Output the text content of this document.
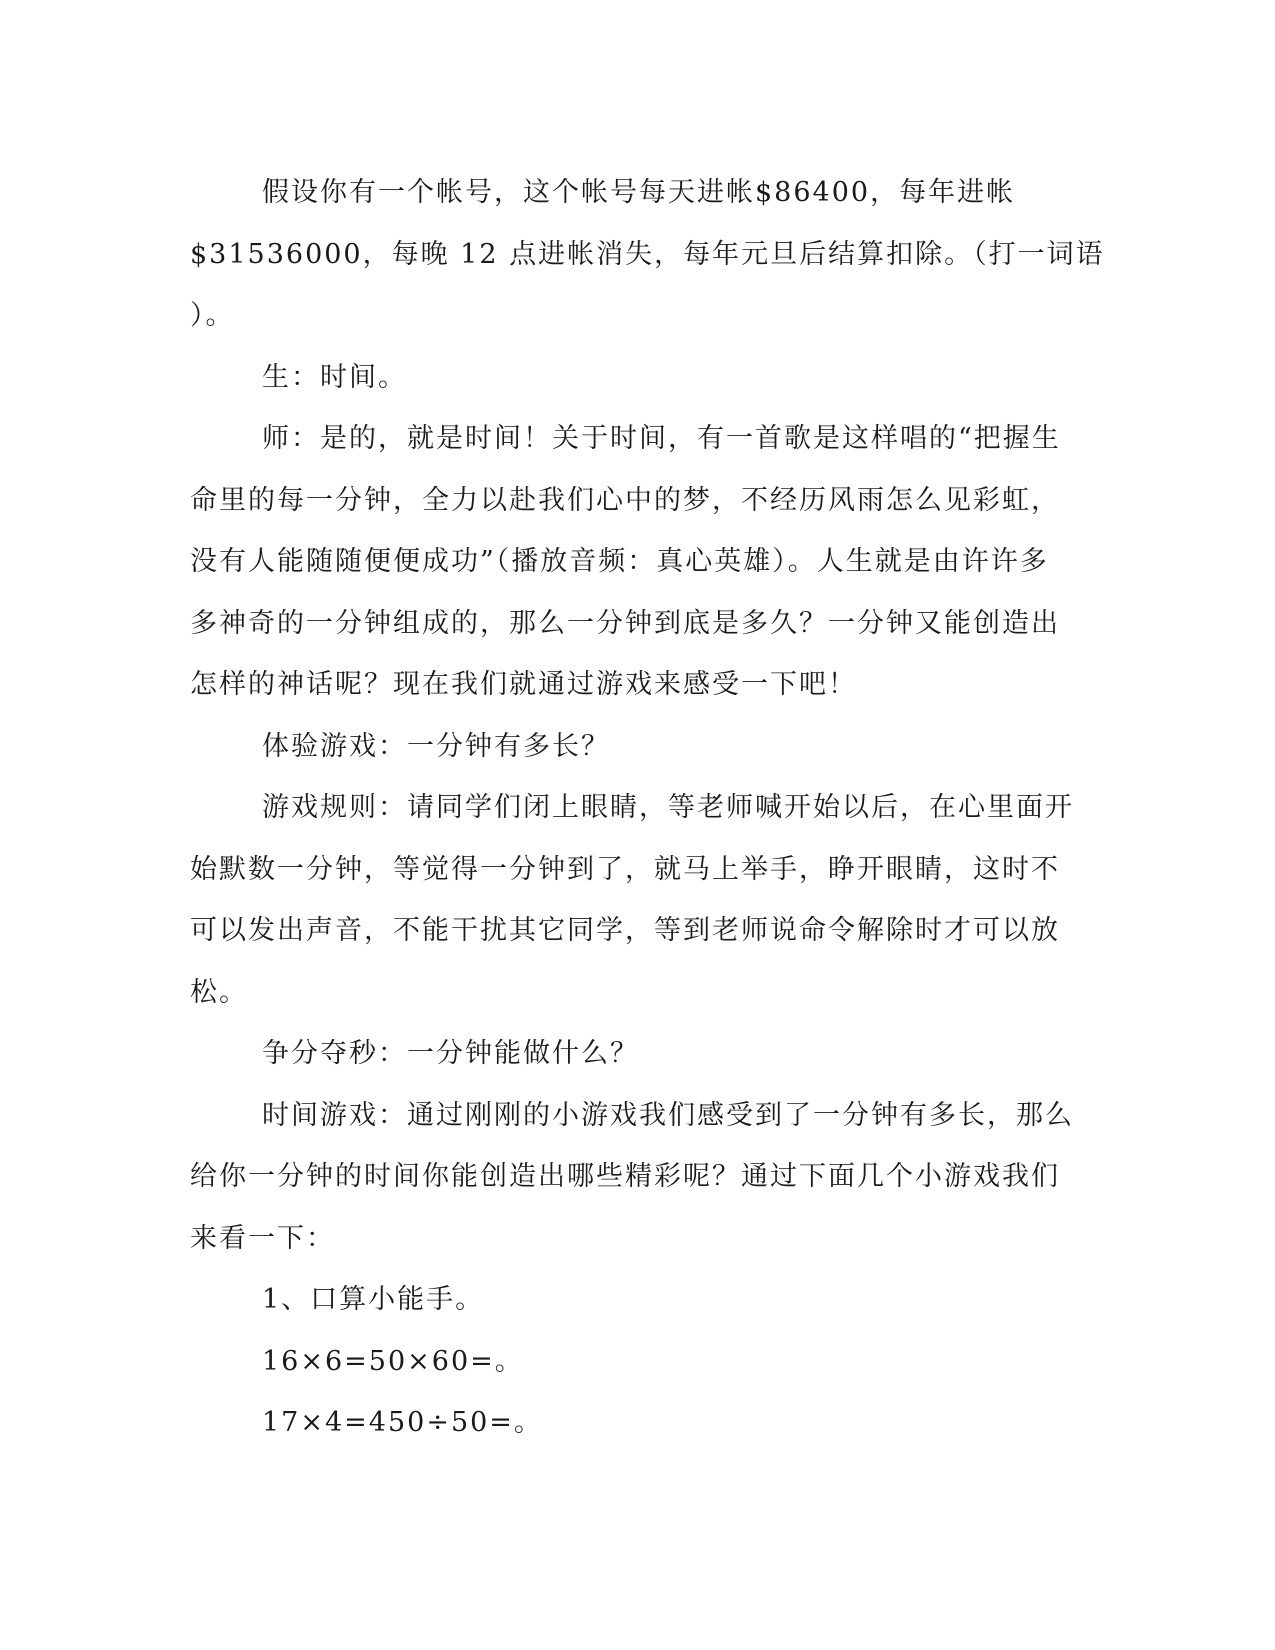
假设你有一个帐号，这个帐号每天进帐$86400，每年进帐
$31536000，每晚 12 点进帐消失，每年元旦后结算扣除。（打一词语
）。
生：时间。
师：是的，就是时间！关于时间，有一首歌是这样唱的“把握生
命里的每一分钟，全力以赴我们心中的梦，不经历风雨怎么见彩虹，
没有人能随随便便成功”（播放音频：真心英雄）。人生就是由许许多
多神奇的一分钟组成的，那么一分钟到底是多久？一分钟又能创造出
怎样的神话呢？现在我们就通过游戏来感受一下吧！
体验游戏：一分钟有多长？
游戏规则：请同学们闭上眼睛，等老师喊开始以后，在心里面开
始默数一分钟，等觉得一分钟到了，就马上举手，睁开眼睛，这时不
可以发出声音，不能干扰其它同学，等到老师说命令解除时才可以放
松。
争分夺秒：一分钟能做什么？
时间游戏：通过刚刚的小游戏我们感受到了一分钟有多长，那么
给你一分钟的时间你能创造出哪些精彩呢？通过下面几个小游戏我们
来看一下：
1、口算小能手。
16×6=50×60=。
17×4=450÷50=。
